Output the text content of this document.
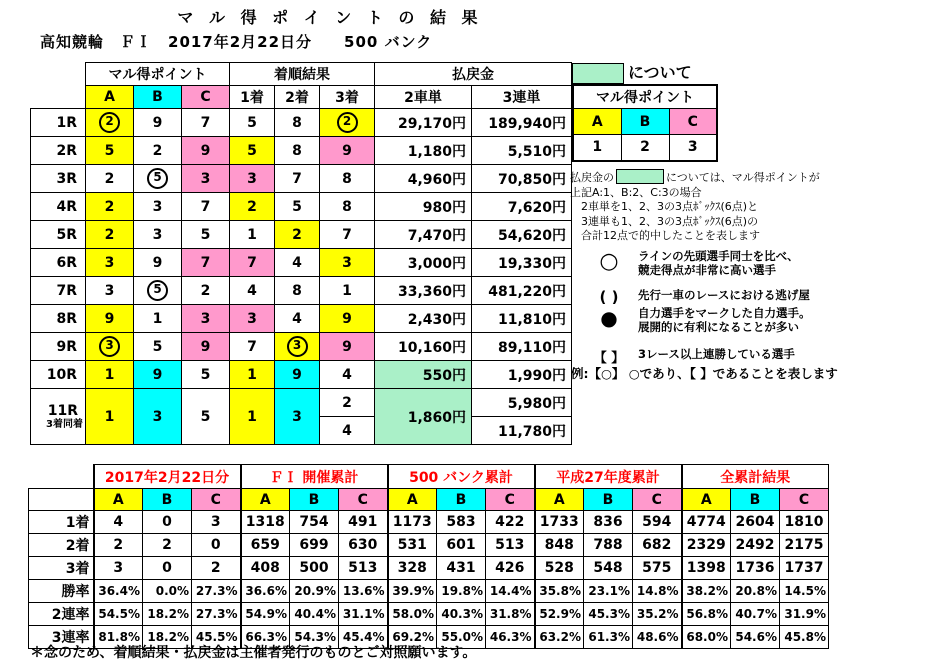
マ ル 得 ポ イ ン ト の 結 果
高知競輪　ＦＩ　2017年2月22日分　　500 バンク
	マル得ポイント			着順結果			払戻金	
	A	B	C	1着	2着	3着	2車単	3連単
1R	2	9	7	5	8	2	29,170円	189,940円
2R	5	2	9	5	8	9	1,180円	5,510円
3R	2	5	3	3	7	8	4,960円	70,850円
4R	2	3	7	2	5	8	980円	7,620円
5R	2	3	5	1	2	7	7,470円	54,620円
6R	3	9	7	7	4	3	3,000円	19,330円
7R	3	5	2	4	8	1	33,360円	481,220円
8R	9	1	3	3	4	9	2,430円	11,810円
9R	3	5	9	7	3	9	10,160円	89,110円
10R	1	9	5	1	9	4	550円	1,990円

11R
3着同着	1	3	5	1	3	2	1,860円	5,980円
						4		11,780円
について
マル得ポイント		
A	B	C
1	2	3
払戻金の	については、マル得ポイントが
上記A:1、B:2、C:3の場合
　2車単を1、2、3の3点ﾎﾞｯｸｽ(6点)と
　3連単も1、2、3の3点ﾎﾞｯｸｽ(6点)の
　合計12点で的中したことを表します
○	ラインの先頭選手同士を比べ、
競走得点が非常に高い選手
( )	先行一車のレースにおける逃げ屋
●	自力選手をマークした自力選手。
展開的に有利になることが多い
【 】 3レース以上連勝している選手
例:【○】 ○であり、【 】であることを表します
	2017年2月22日分			ＦＩ 開催累計			500 バンク累計			平成27年度累計			全累計結果		
	A	B	C	A	B	C	A	B	C	A	B	C	A	B	C
1着	4	0	3	1318	754	491	1173	583	422	1733	836	594	4774	2604	1810
2着	2	2	0	659	699	630	531	601	513	848	788	682	2329	2492	2175
3着	3	0	2	408	500	513	328	431	426	528	548	575	1398	1736	1737
勝率	36.4%	0.0%	27.3%	36.6%	20.9%	13.6%	39.9%	19.8%	14.4%	35.8%	23.1%	14.8%	38.2%	20.8%	14.5%
2連率	54.5%	18.2%	27.3%	54.9%	40.4%	31.1%	58.0%	40.3%	31.8%	52.9%	45.3%	35.2%	56.8%	40.7%	31.9%
3連率	81.8%	18.2%	45.5%	66.3%	54.3%	45.4%	69.2%	55.0%	46.3%	63.2%	61.3%	48.6%	68.0%	54.6%	45.8%
＊念のため、着順結果・払戻金は主催者発行のものとご対照願います。
